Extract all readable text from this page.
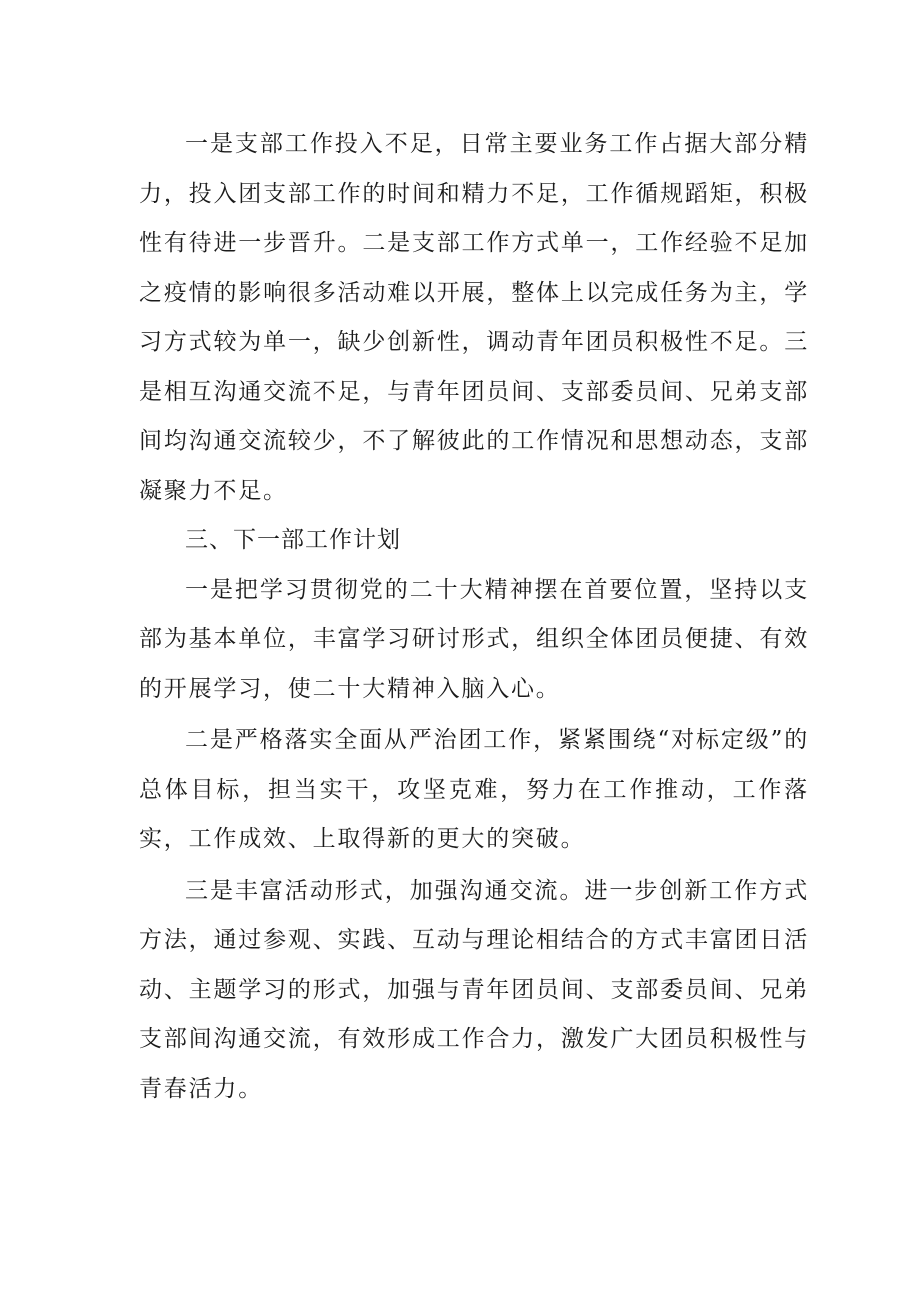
一是支部工作投入不足，日常主要业务工作占据大部分精力，投入团支部工作的时间和精力不足，工作循规蹈矩，积极性有待进一步晋升。二是支部工作方式单一，工作经验不足加之疫情的影响很多活动难以开展，整体上以完成任务为主，学习方式较为单一，缺少创新性，调动青年团员积极性不足。三是相互沟通交流不足，与青年团员间、支部委员间、兄弟支部间均沟通交流较少，不了解彼此的工作情况和思想动态，支部凝聚力不足。

三、下一部工作计划

一是把学习贯彻党的二十大精神摆在首要位置，坚持以支部为基本单位，丰富学习研讨形式，组织全体团员便捷、有效的开展学习，使二十大精神入脑入心。

二是严格落实全面从严治团工作，紧紧围绕“对标定级”的总体目标，担当实干，攻坚克难，努力在工作推动，工作落实，工作成效、上取得新的更大的突破。

三是丰富活动形式，加强沟通交流。进一步创新工作方式方法，通过参观、实践、互动与理论相结合的方式丰富团日活动、主题学习的形式，加强与青年团员间、支部委员间、兄弟支部间沟通交流，有效形成工作合力，激发广大团员积极性与青春活力。
